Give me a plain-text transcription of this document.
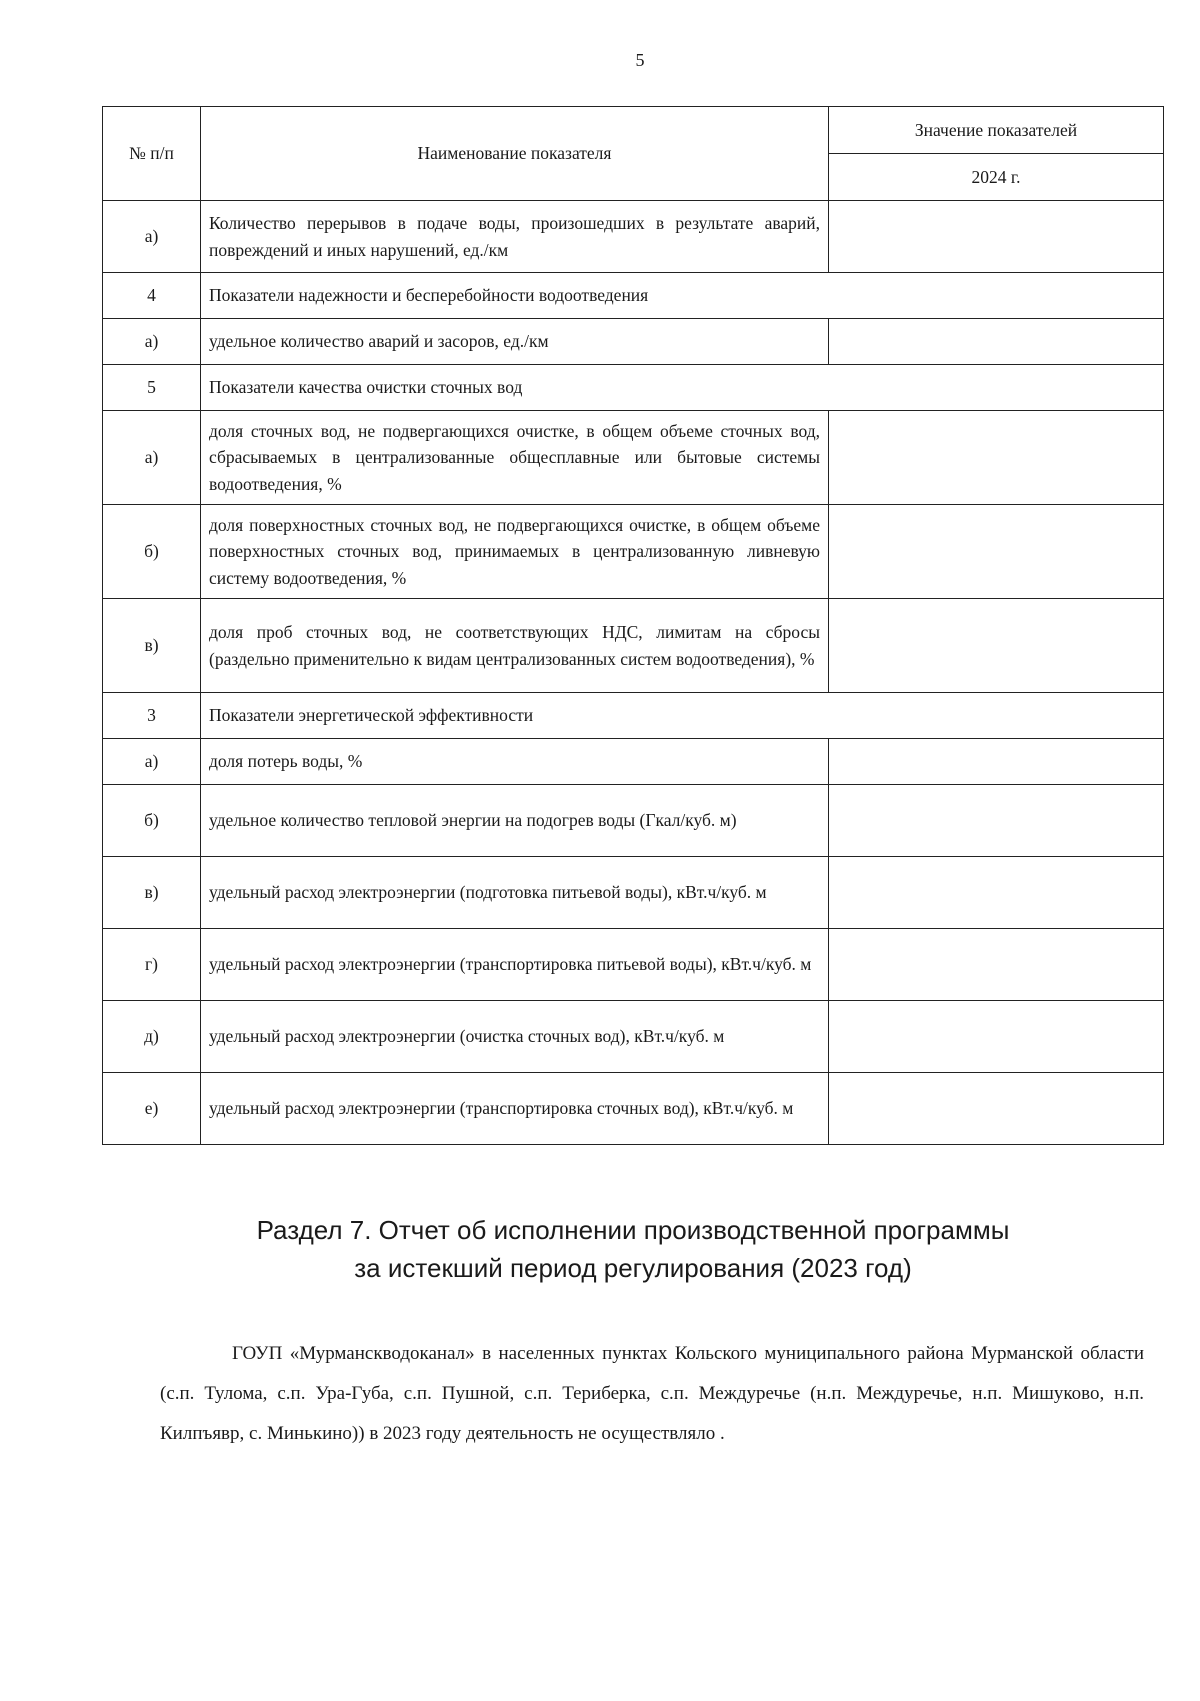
5
№ п/п	Наименование показателя	Значение показателей
		2024 г.
а)	Количество перерывов в подаче воды, произошедших в результате аварий, повреждений и иных нарушений, ед./км	
4	Показатели надежности и бесперебойности водоотведения	
а)	удельное количество аварий и засоров, ед./км	
5	Показатели качества очистки сточных вод	
а)	доля сточных вод, не подвергающихся очистке, в общем объеме сточных вод, сбрасываемых в централизованные общесплавные или бытовые системы водоотведения, %	
б)	доля поверхностных сточных вод, не подвергающихся очистке, в общем объеме поверхностных сточных вод, принимаемых в централизованную ливневую систему водоотведения, %	
в)	доля проб сточных вод, не соответствующих НДС, лимитам на сбросы (раздельно применительно к видам централизованных систем водоотведения), %	
3	Показатели энергетической эффективности	
а)	доля потерь воды, %	
б)	удельное количество тепловой энергии на подогрев воды (Гкал/куб. м)	
в)	удельный расход электроэнергии (подготовка питьевой воды), кВт.ч/куб. м	
г)	удельный расход электроэнергии (транспортировка питьевой воды), кВт.ч/куб. м	
д)	удельный расход электроэнергии (очистка сточных вод), кВт.ч/куб. м	
е)	удельный расход электроэнергии (транспортировка сточных вод), кВт.ч/куб. м	
Раздел 7. Отчет об исполнении производственной программы
за истекший период регулирования (2023 год)

ГОУП «Мурманскводоканал» в населенных пунктах Кольского муниципального района Мурманской области (с.п. Тулома, с.п. Ура-Губа, с.п. Пушной, с.п. Териберка, с.п. Междуречье (н.п. Междуречье, н.п. Мишуково, н.п. Килпъявр, с. Минькино)) в 2023 году деятельность не осуществляло .
